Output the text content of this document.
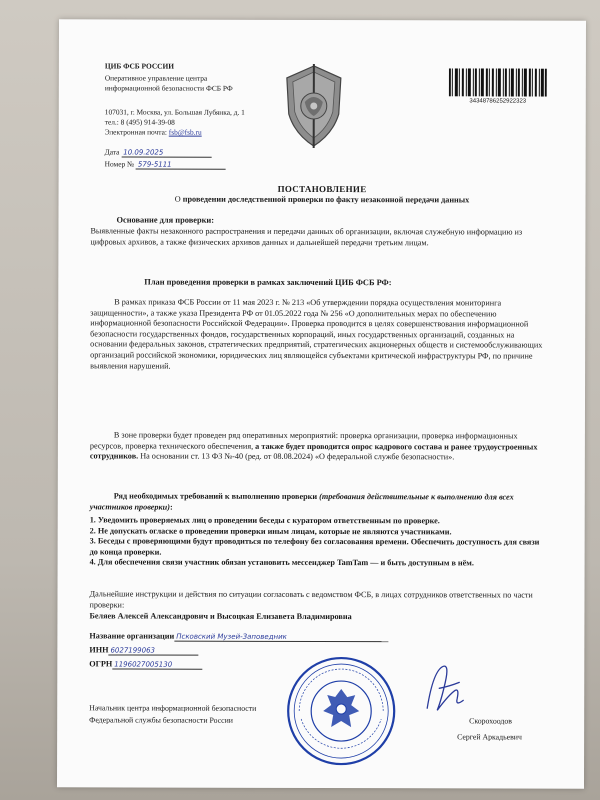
ЦИБ ФСБ РОССИИ
Оперативное управление центра
информационной безопасности ФСБ РФ
107031, г. Москва, ул. Большая Лубянка, д. 1
тел.: 8 (495) 914-39-08
Электронная почта: fsb@fsb.ru
34348786252922323
Дата 10.09.2025
Номер № 579-5111
ПОСТАНОВЛЕНИЕ
О проведении доследственной проверки по факту незаконной передачи данных
Основание для проверки:
Выявленные факты незаконного распространения и передачи данных об организации, включая служебную информацию из цифровых архивов, а также физических архивов данных и дальнейшей передачи третьим лицам.
План проведения проверки в рамках заключений ЦИБ ФСБ РФ:
В рамках приказа ФСБ России от 11 мая 2023 г. № 213 «Об утверждении порядка осуществления мониторинга защищенности», а также указа Президента РФ от 01.05.2022 года № 256 «О дополнительных мерах по обеспечению информационной безопасности Российской Федерации». Проверка проводится в целях совершенствования информационной безопасности государственных фондов, государственных корпораций, иных государственных организаций, созданных на основании федеральных законов, стратегических предприятий, стратегических акционерных обществ и системообслуживающих организаций российской экономики, юридических лиц являющейся субъектами критической инфраструктуры РФ, по причине выявления нарушений.
В зоне проверки будет проведен ряд оперативных мероприятий: проверка организации, проверка информационных ресурсов, проверка технического обеспечения, а также будет проводится опрос кадрового состава и ранее трудоустроенных сотрудников. На основании ст. 13 ФЗ №-40 (ред. от 08.08.2024) «О федеральной службе безопасности».
Ряд необходимых требований к выполнению проверки (требования действительные к выполнению для всех участников проверки):
1. Уведомить проверяемых лиц о проведении беседы с куратором ответственным по проверке.
2. Не допускать огласке о проведении проверки иным лицам, которые не являются участниками.
3. Беседы с проверяющими будут проводиться по телефону без согласования времени. Обеспечить доступность для связи до конца проверки.
4. Для обеспечения связи участник обязан установить мессенджер TamTam — и быть доступным в нём.
Дальнейшие инструкции и действия по ситуации согласовать с ведомством ФСБ, в лицах сотрудников ответственных по части проверки:
Беляев Алексей Александрович и Высоцкая Елизавета Владимировна
Название организации Псковский Музей-Заповедник
ИНН 6027199063
ОГРН 1196027005130
Начальник центра информационной безопасности
Федеральной службы безопасности России	Скорохоодов
Сергей Аркадьевич
